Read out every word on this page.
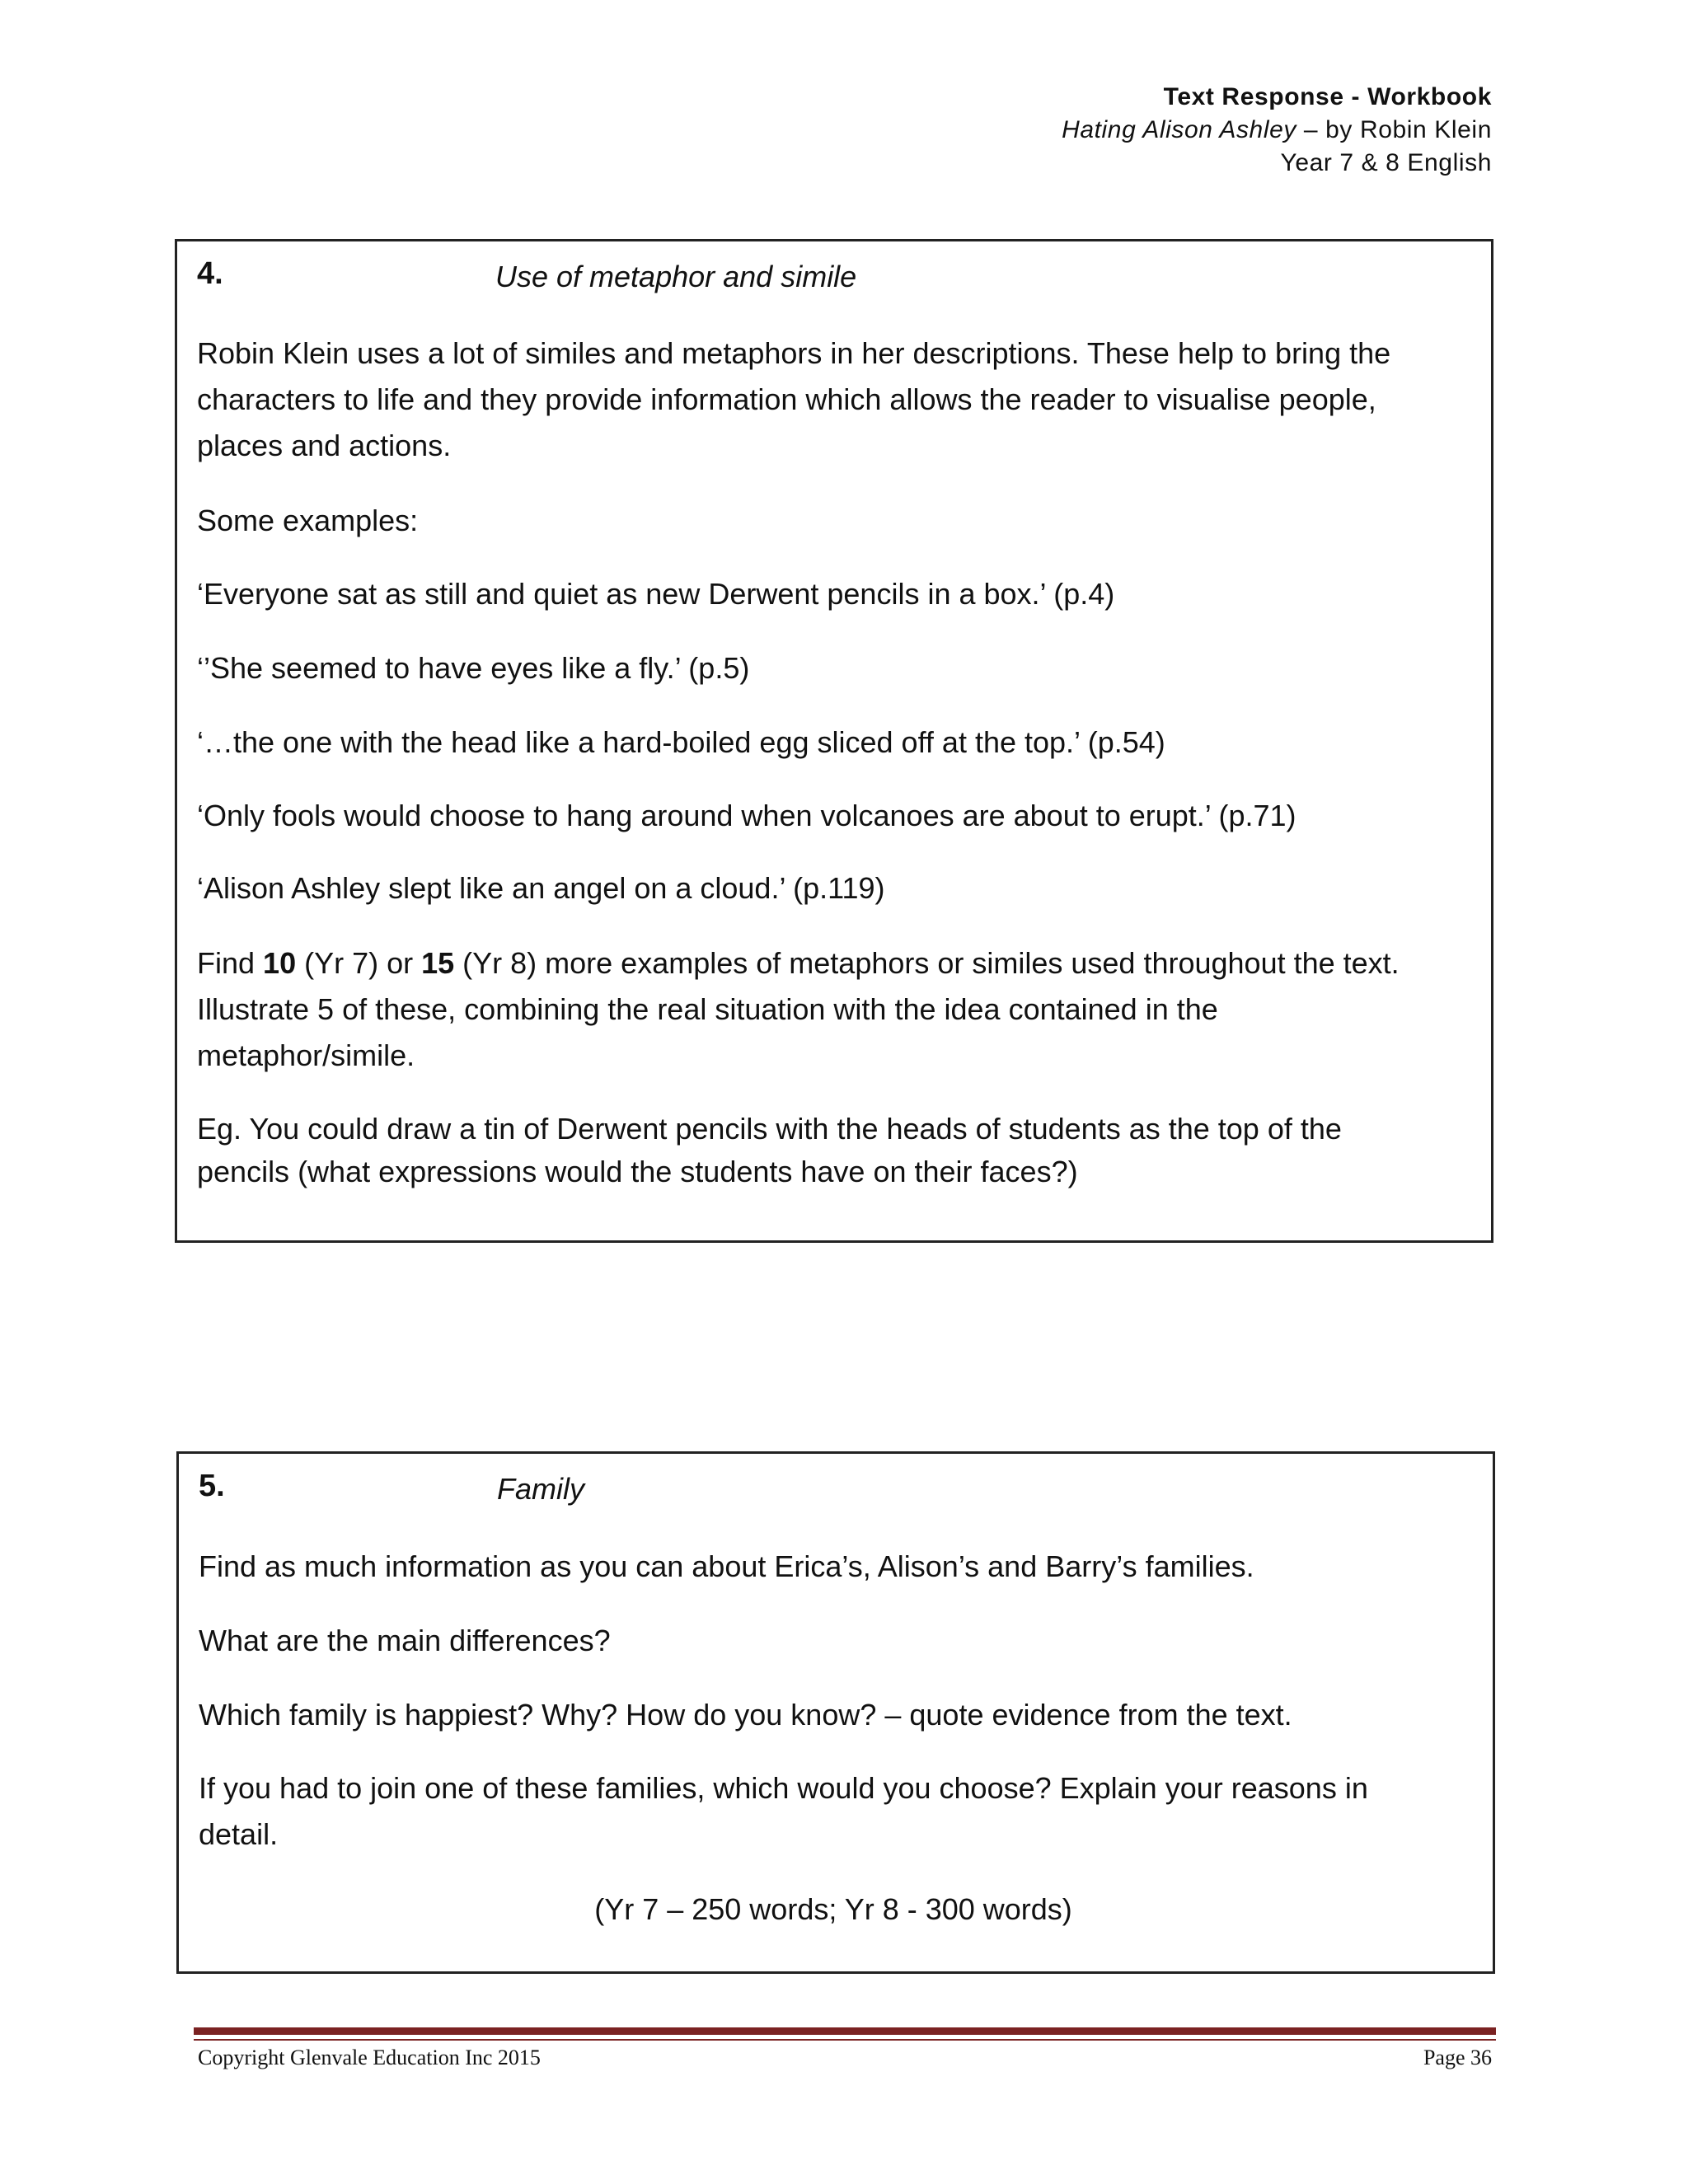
Text Response - Workbook
Hating Alison Ashley – by Robin Klein
Year 7 & 8 English
4.	Use of metaphor and simile

Robin Klein uses a lot of similes and metaphors in her descriptions. These help to bring the

characters to life and they provide information which allows the reader to visualise people,

places and actions.

Some examples:
‘Everyone sat as still and quiet as new Derwent pencils in a box.’ (p.4)
‘’She seemed to have eyes like a fly.’ (p.5)
‘…the one with the head like a hard-boiled egg sliced off at the top.’ (p.54)
‘Only fools would choose to hang around when volcanoes are about to erupt.’ (p.71)
‘Alison Ashley slept like an angel on a cloud.’ (p.119)

Find 10 (Yr 7) or 15 (Yr 8) more examples of metaphors or similes used throughout the text.

Illustrate 5 of these, combining the real situation with the idea contained in the

metaphor/simile.

Eg. You could draw a tin of Derwent pencils with the heads of students as the top of the

pencils (what expressions would the students have on their faces?)

5.	Family
Find as much information as you can about Erica’s, Alison’s and Barry’s families.
What are the main differences?
Which family is happiest? Why? How do you know? – quote evidence from the text.

If you had to join one of these families, which would you choose? Explain your reasons in

detail.

(Yr 7 – 250 words; Yr 8 - 300 words)
Copyright Glenvale Education Inc 2015	Page 36
